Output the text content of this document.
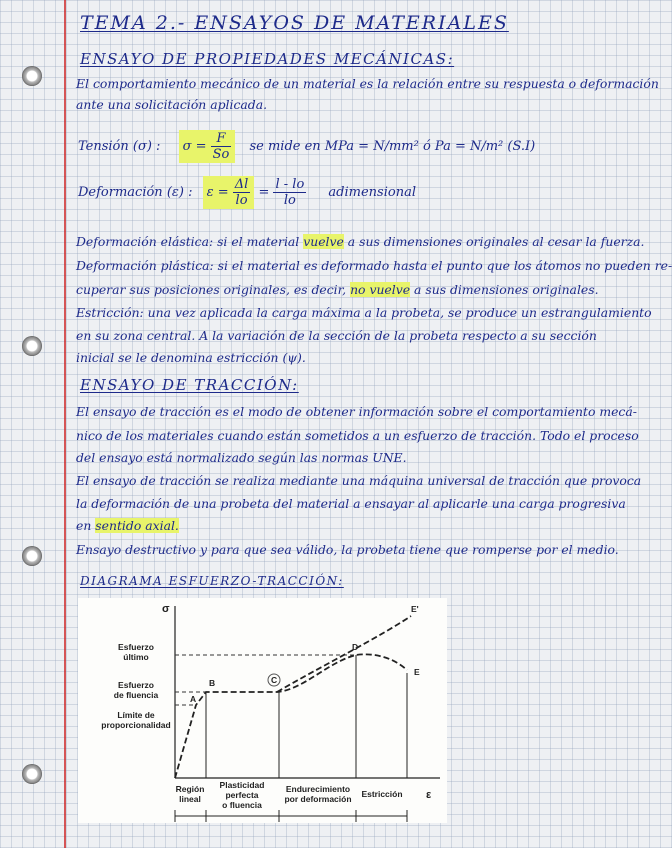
TEMA 2.- ENSAYOS DE MATERIALES
ENSAYO DE PROPIEDADES MECÁNICAS:
El comportamiento mecánico de un material es la relación entre su respuesta o deformación
ante una solicitación aplicada.
Tensión (σ) : $\sigma = \frac{F}{So}$ se mide en MPa = N/mm² ó Pa = N/m² (S.I)
Deformación (ε) : $\varepsilon = \frac{\Delta l}{lo} = \frac{l - lo}{lo}$ adimensional
Deformación elástica: si el material vuelve a sus dimensiones originales al cesar la fuerza.
Deformación plástica: si el material es deformado hasta el punto que los átomos no pueden re-
cuperar sus posiciones originales, es decir, no vuelve a sus dimensiones originales.
Estricción: una vez aplicada la carga máxima a la probeta, se produce un estrangulamiento
en su zona central. A la variación de la sección de la probeta respecto a su sección
inicial se le denomina estricción (ψ).
ENSAYO DE TRACCIÓN:
El ensayo de tracción es el modo de obtener información sobre el comportamiento mecá-
nico de los materiales cuando están sometidos a un esfuerzo de tracción. Todo el proceso
del ensayo está normalizado según las normas UNE.
El ensayo de tracción se realiza mediante una máquina universal de tracción que provoca
la deformación de una probeta del material a ensayar al aplicarle una carga progresiva
en sentido axial.
Ensayo destructivo y para que sea válido, la probeta tiene que romperse por el medio.
DIAGRAMA ESFUERZO-TRACCIÓN:
σ
ε
A
B	C
D
E
E'
Esfuerzo
último
Esfuerzo
de fluencia
Límite de
proporcionalidad
Región
lineal
Plasticidad
perfecta
o fluencia
Endurecimiento
por deformación Estricción
